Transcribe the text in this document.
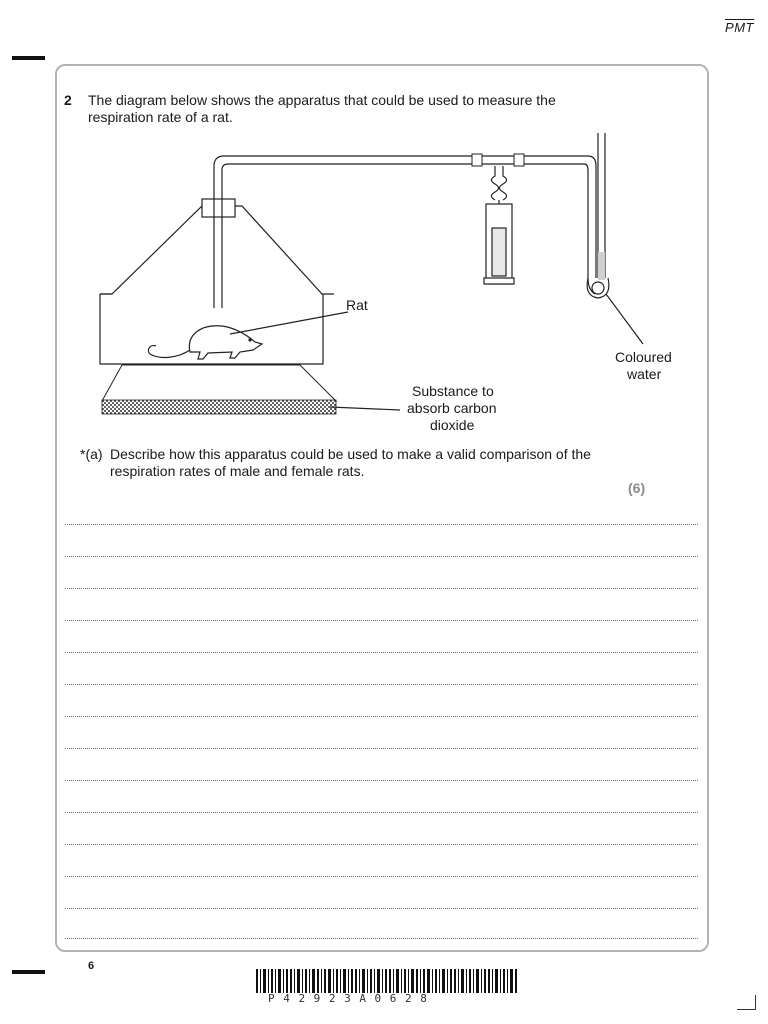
$\overline{PMT}$
2 The diagram below shows the apparatus that could be used to measure the
respiration rate of a rat.
Rat
Coloured
water
Substance to
absorb carbon
dioxide
*(a) Describe how this apparatus could be used to make a valid comparison of the
respiration rates of male and female rats.
(6)
6
P42923A0628
